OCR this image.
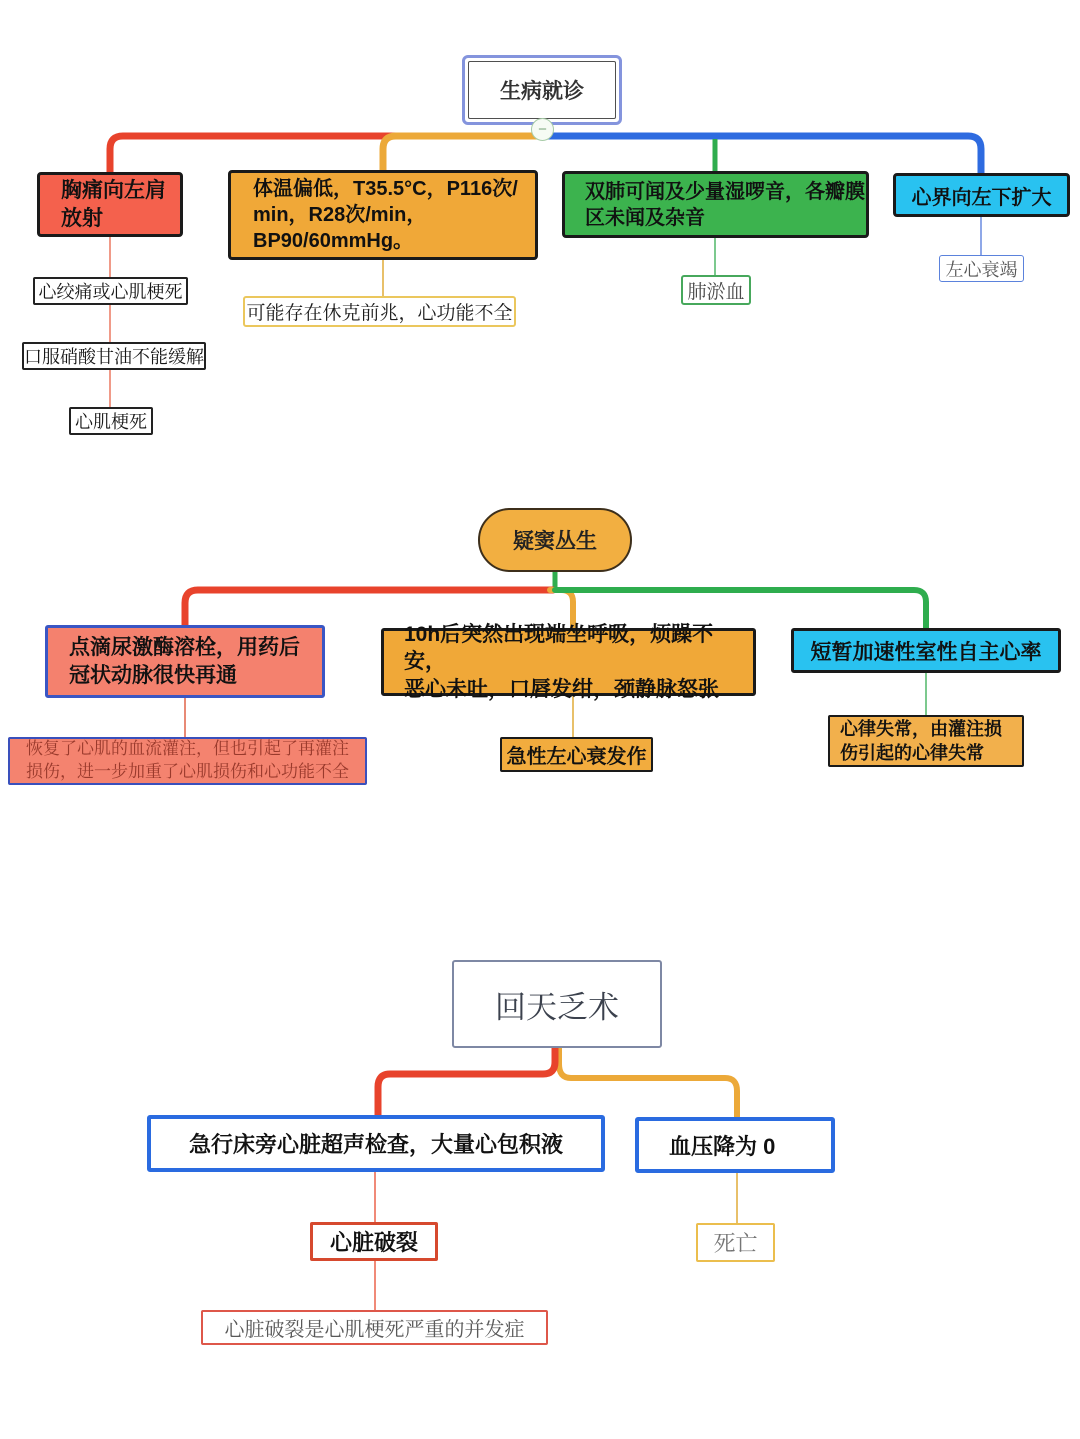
生病就诊
−
胸痛向左肩
放射
心绞痛或心肌梗死
口服硝酸甘油不能缓解
心肌梗死
体温偏低，T35.5°C，P116次/
min，R28次/min，
BP90/60mmHg。
可能存在休克前兆，心功能不全
双肺可闻及少量湿啰音，各瓣膜
区未闻及杂音
肺淤血
心界向左下扩大
左心衰竭
疑窦丛生
点滴尿激酶溶栓，用药后
冠状动脉很快再通
恢复了心肌的血流灌注，但也引起了再灌注
损伤，进一步加重了心肌损伤和心功能不全
10h后突然出现端坐呼吸，烦躁不安，
恶心未吐，口唇发绀，颈静脉怒张
急性左心衰发作
短暂加速性室性自主心率
心律失常，由灌注损
伤引起的心律失常
回天乏术
急行床旁心脏超声检查，大量心包积液
心脏破裂
心脏破裂是心肌梗死严重的并发症
血压降为 0
死亡
